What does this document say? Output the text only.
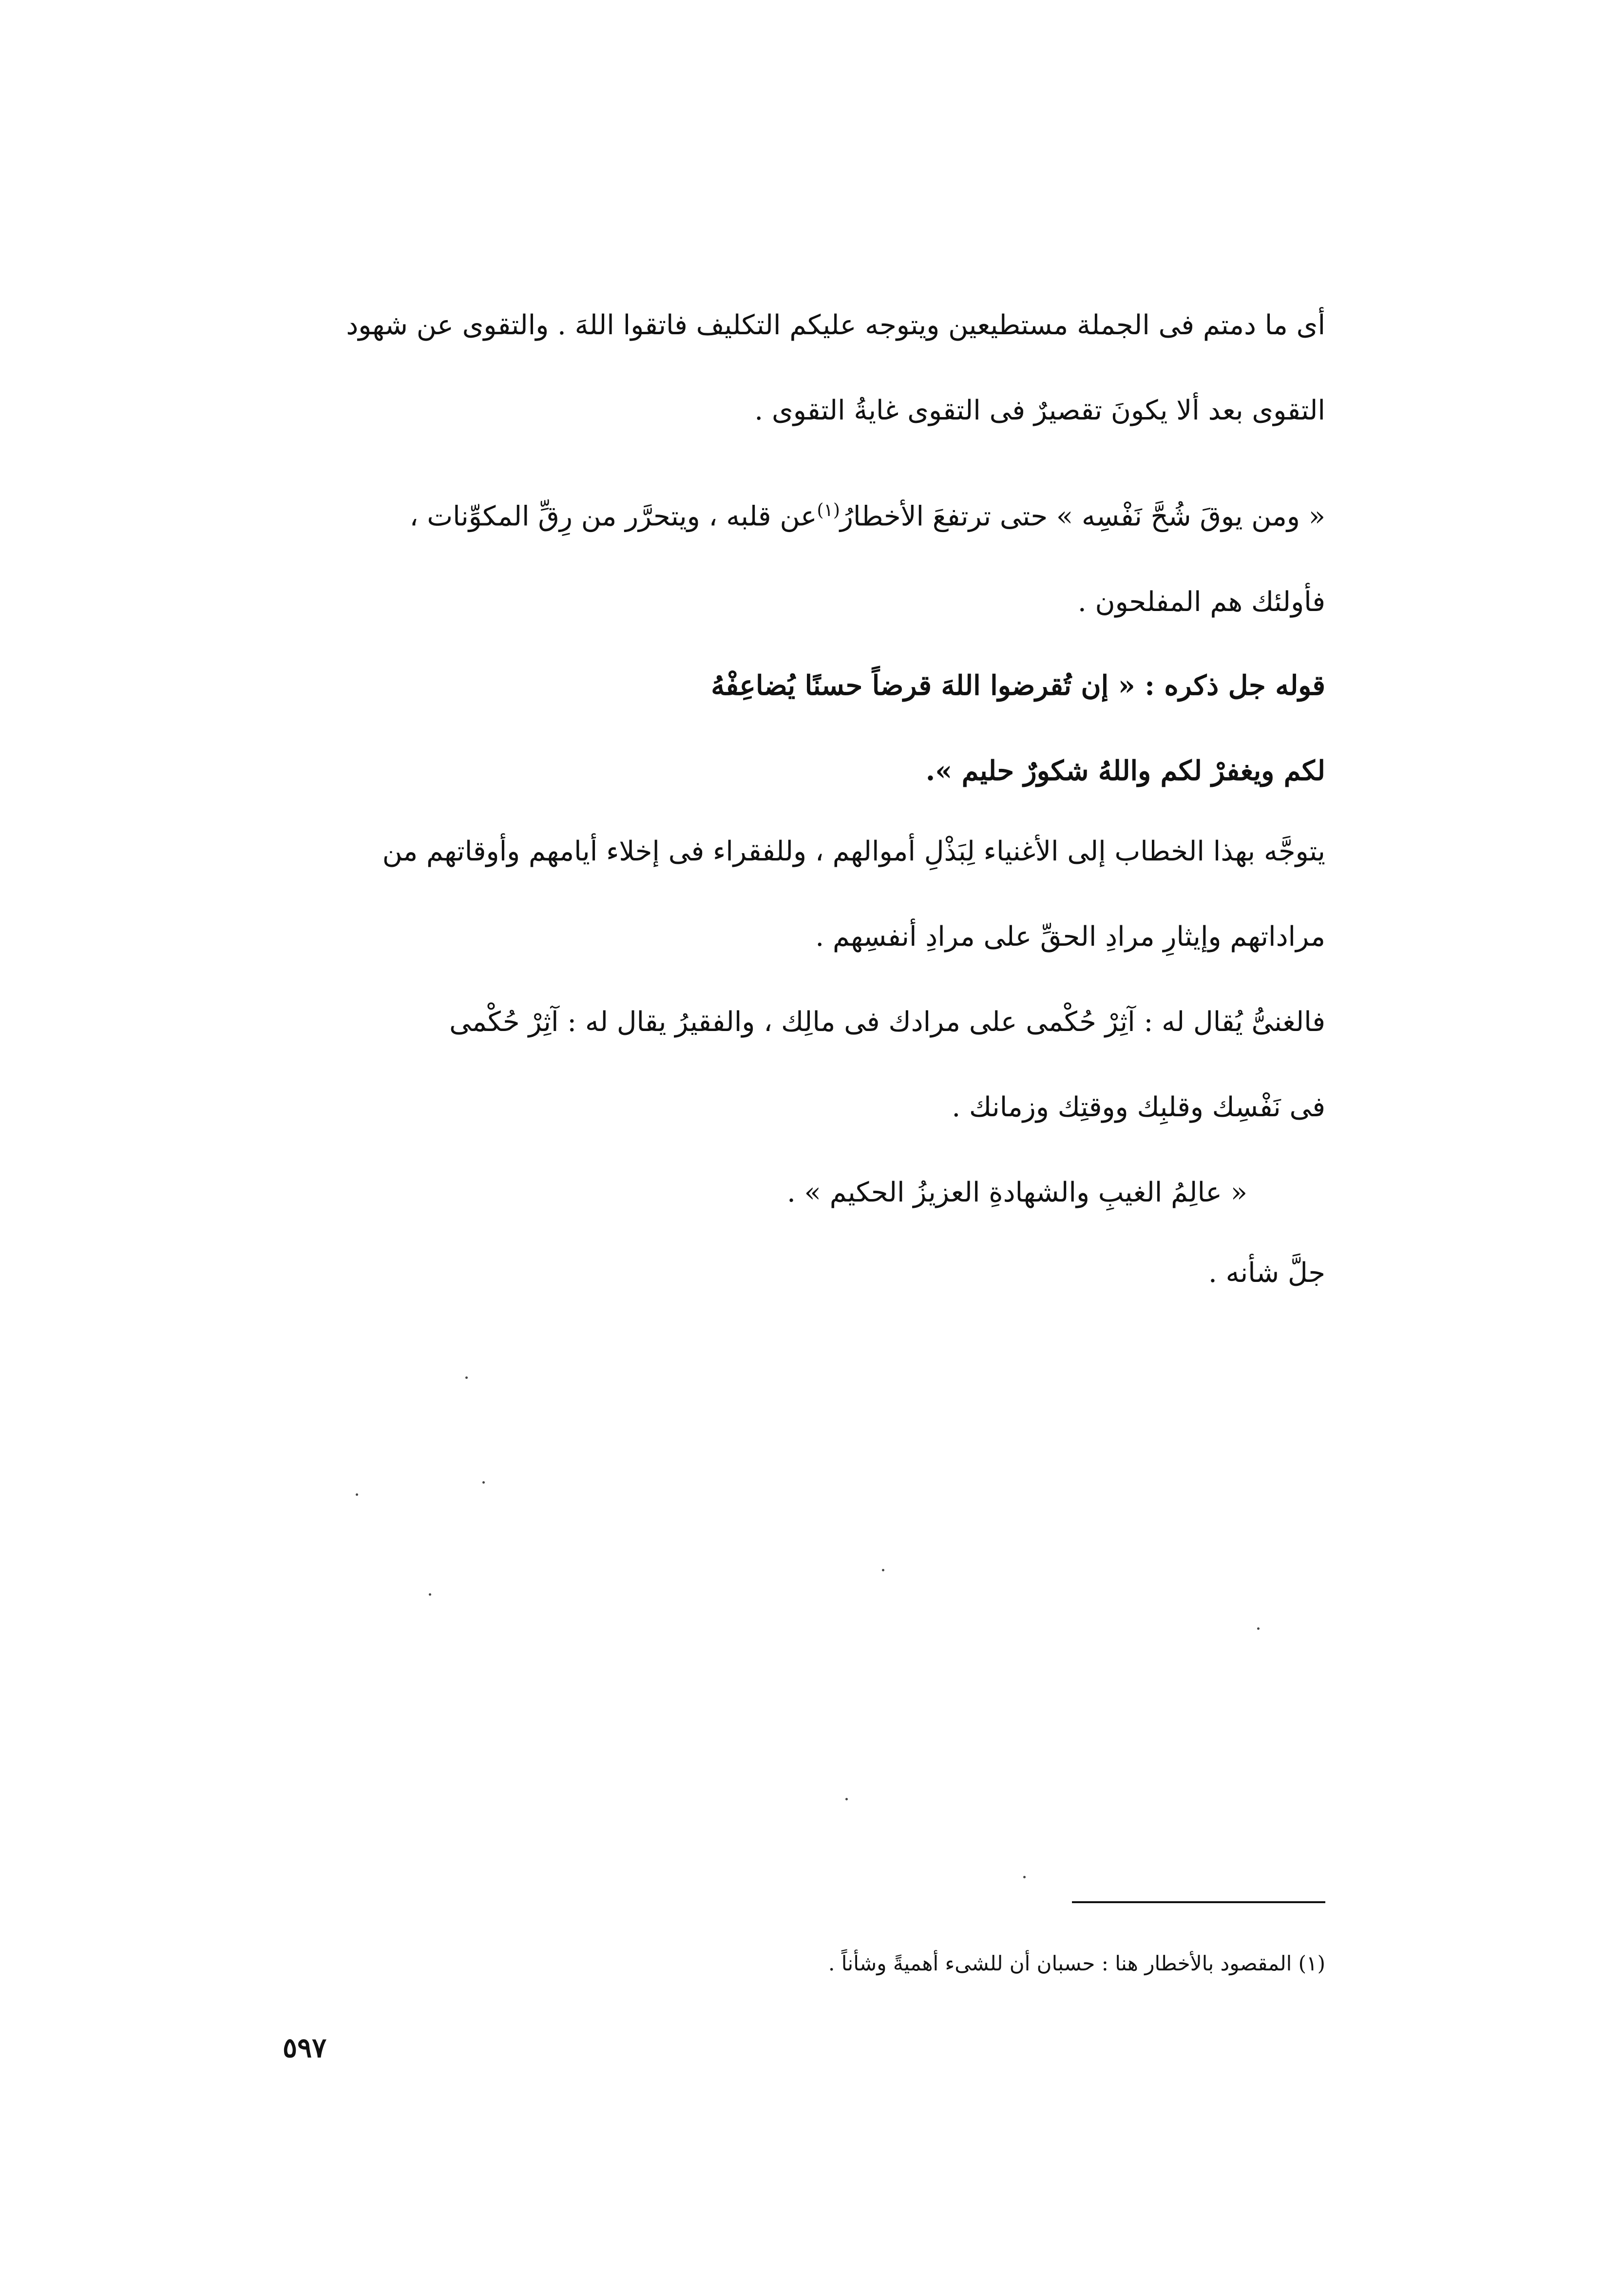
أى ما دمتم فى الجملة مستطيعين ويتوجه عليكم التكليف فاتقوا اللهَ . والتقوى عن شهود
التقوى بعد ألا يكونَ تقصيرٌ فى التقوى غايةُ التقوى .
« ومن يوقَ شُحَّ نَفْسِه » حتى ترتفعَ الأخطارُ$^{(١)}$عن قلبه ، ويتحرَّر من رِقِّ المكوِّنات ،
فأولئك هم المفلحون .
قوله جل ذكره : « إن تُقرضوا اللهَ قرضاً حسنًا يُضاعِفْهُ
لكم ويغفرْ لكم واللهُ شكورٌ حليم ».
يتوجَّه بهذا الخطاب إلى الأغنياء لِبَذْلِ أموالهم ، وللفقراء فى إخلاء أيامهم وأوقاتهم من
مراداتهم وإيثارِ مرادِ الحقِّ على مرادِ أنفسِهم .
فالغنىُّ يُقال له : آثِرْ حُكْمى على مرادك فى مالِك ، والفقيرُ يقال له : آثِرْ حُكْمى
فى نَفْسِك وقلبِك ووقتِك وزمانك .
« عالِمُ الغيبِ والشهادةِ العزيزُ الحكيم » .
جلَّ شأنه .
(١) المقصود بالأخطار هنا : حسبان أن للشىء أهميةً وشأناً .
٥٩٧
